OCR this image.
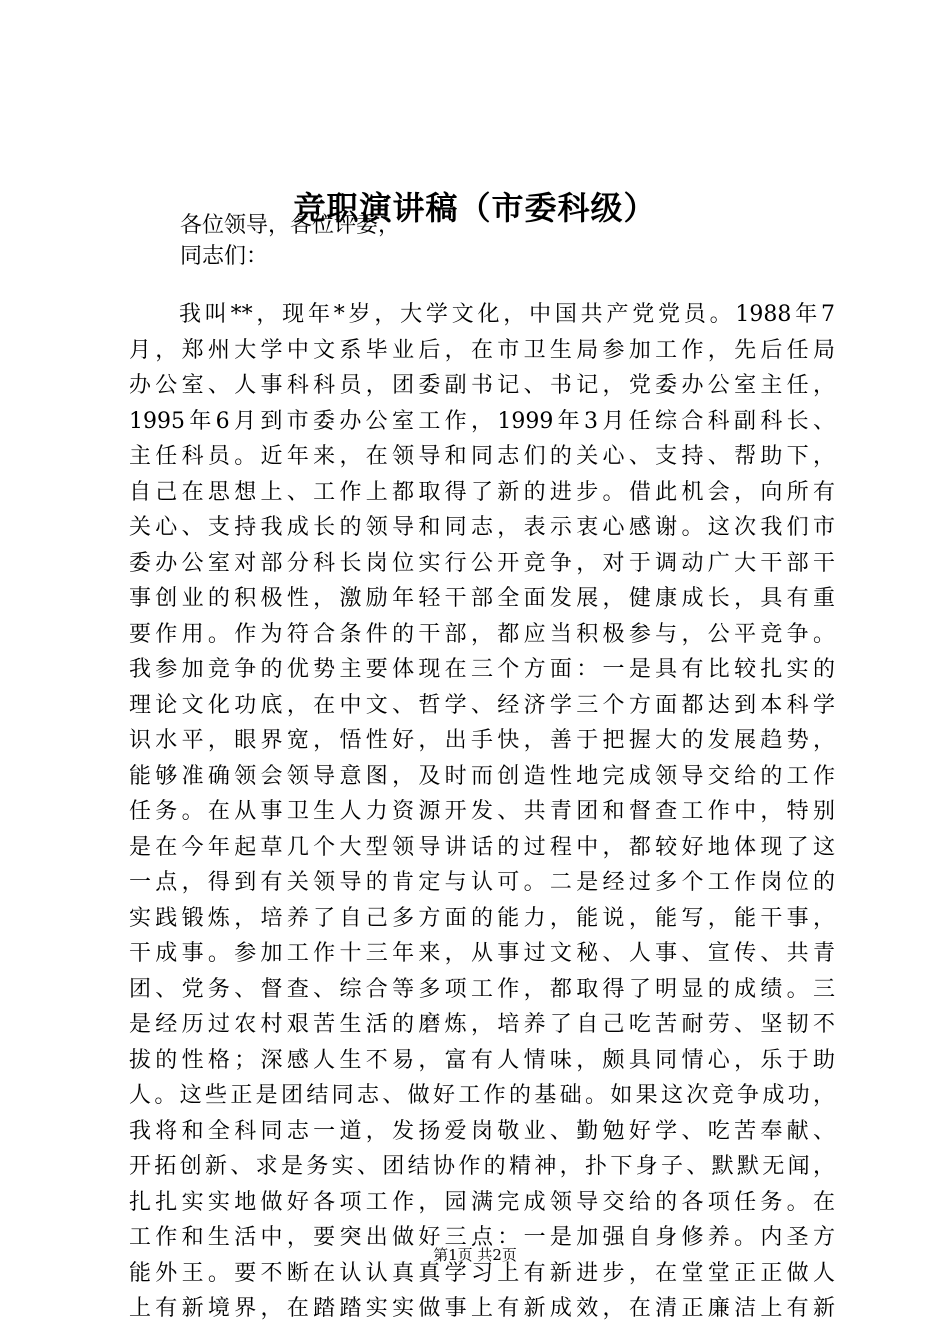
竞职演讲稿（市委科级）
各位领导，各位评委，
同志们：
我叫**，现年*岁，大学文化，中国共产党党员。1988年7
月，郑州大学中文系毕业后，在市卫生局参加工作，先后任局
办公室、人事科科员，团委副书记、书记，党委办公室主任，
1995年6月到市委办公室工作，1999年3月任综合科副科长、
主任科员。近年来，在领导和同志们的关心、支持、帮助下，
自己在思想上、工作上都取得了新的进步。借此机会，向所有
关心、支持我成长的领导和同志，表示衷心感谢。这次我们市
委办公室对部分科长岗位实行公开竞争，对于调动广大干部干
事创业的积极性，激励年轻干部全面发展，健康成长，具有重
要作用。作为符合条件的干部，都应当积极参与，公平竞争。
我参加竞争的优势主要体现在三个方面：一是具有比较扎实的
理论文化功底，在中文、哲学、经济学三个方面都达到本科学
识水平，眼界宽，悟性好，出手快，善于把握大的发展趋势，
能够准确领会领导意图，及时而创造性地完成领导交给的工作
任务。在从事卫生人力资源开发、共青团和督查工作中，特别
是在今年起草几个大型领导讲话的过程中，都较好地体现了这
一点，得到有关领导的肯定与认可。二是经过多个工作岗位的
实践锻炼，培养了自己多方面的能力，能说，能写，能干事，
干成事。参加工作十三年来，从事过文秘、人事、宣传、共青
团、党务、督查、综合等多项工作，都取得了明显的成绩。三
是经历过农村艰苦生活的磨炼，培养了自己吃苦耐劳、坚韧不
拔的性格；深感人生不易，富有人情味，颇具同情心，乐于助
人。这些正是团结同志、做好工作的基础。如果这次竞争成功，
我将和全科同志一道，发扬爱岗敬业、勤勉好学、吃苦奉献、
开拓创新、求是务实、团结协作的精神，扑下身子、默默无闻，
扎扎实实地做好各项工作，园满完成领导交给的各项任务。在
工作和生活中，要突出做好三点：一是加强自身修养。内圣方
能外王。要不断在认认真真学习上有新进步，在堂堂正正做人
上有新境界，在踏踏实实做事上有新成效，在清正廉洁上有新
第1页 共2页
